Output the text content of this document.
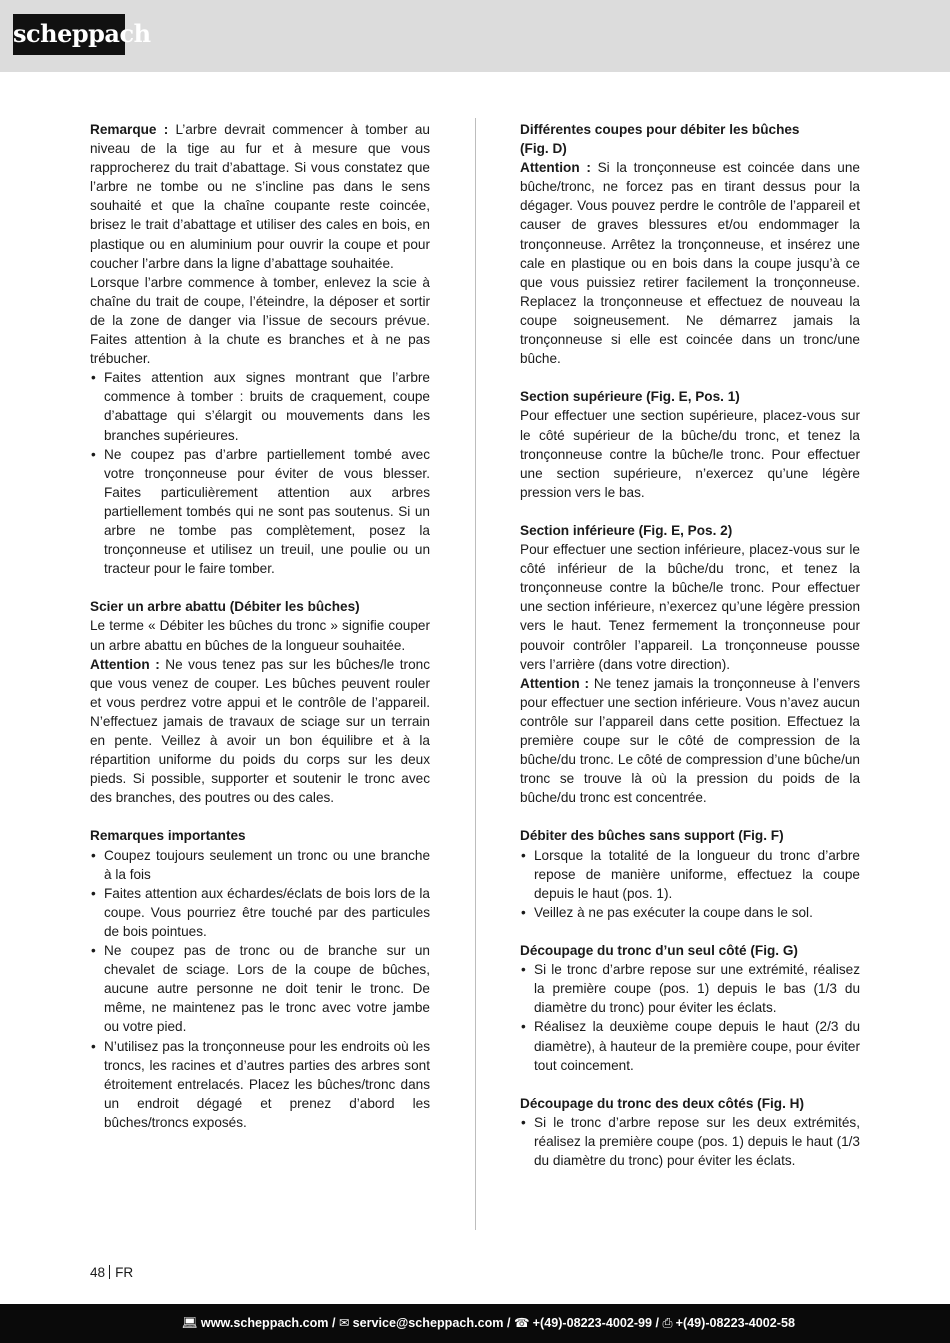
scheppach

Remarque : L’arbre devrait commencer à tomber au niveau de la tige au fur et à mesure que vous rapprocherez du trait d’abattage. Si vous constatez que l’arbre ne tombe ou ne s’incline pas dans le sens souhaité et que la chaîne coupante reste coincée, brisez le trait d’abattage et utiliser des cales en bois, en plastique ou en aluminium pour ouvrir la coupe et pour coucher l’arbre dans la ligne d’abattage souhaitée.

Lorsque l’arbre commence à tomber, enlevez la scie à chaîne du trait de coupe, l’éteindre, la déposer et sortir de la zone de danger via l’issue de secours prévue. Faites attention à la chute es branches et à ne pas trébucher.

• Faites attention aux signes montrant que l’arbre commence à tomber : bruits de craquement, coupe d’abattage qui s’élargit ou mouvements dans les branches supérieures.
• Ne coupez pas d’arbre partiellement tombé avec votre tronçonneuse pour éviter de vous blesser. Faites particulièrement attention aux arbres partiellement tombés qui ne sont pas soutenus. Si un arbre ne tombe pas complètement, posez la tronçonneuse et utilisez un treuil, une poulie ou un tracteur pour le faire tomber.

Scier un arbre abattu (Débiter les bûches)

Le terme « Débiter les bûches du tronc » signifie couper un arbre abattu en bûches de la longueur souhaitée.

Attention : Ne vous tenez pas sur les bûches/le tronc que vous venez de couper. Les bûches peuvent rouler et vous perdrez votre appui et le contrôle de l’appareil. N’effectuez jamais de travaux de sciage sur un terrain en pente. Veillez à avoir un bon équilibre et à la répartition uniforme du poids du corps sur les deux pieds. Si possible, supporter et soutenir le tronc avec des branches, des poutres ou des cales.

Remarques importantes

• Coupez toujours seulement un tronc ou une branche à la fois
• Faites attention aux échardes/éclats de bois lors de la coupe. Vous pourriez être touché par des particules de bois pointues.
• Ne coupez pas de tronc ou de branche sur un chevalet de sciage. Lors de la coupe de bûches, aucune autre personne ne doit tenir le tronc. De même, ne maintenez pas le tronc avec votre jambe ou votre pied.
• N’utilisez pas la tronçonneuse pour les endroits où les troncs, les racines et d’autres parties des arbres sont étroitement entrelacés. Placez les bûches/tronc dans un endroit dégagé et prenez d’abord les bûches/troncs exposés.

Différentes coupes pour débiter les bûches

(Fig. D)

Attention : Si la tronçonneuse est coincée dans une bûche/tronc, ne forcez pas en tirant dessus pour la dégager. Vous pouvez perdre le contrôle de l’appareil et causer de graves blessures et/ou endommager la tronçonneuse. Arrêtez la tronçonneuse, et insérez une cale en plastique ou en bois dans la coupe jusqu’à ce que vous puissiez retirer facilement la tronçonneuse. Replacez la tronçonneuse et effectuez de nouveau la coupe soigneusement. Ne démarrez jamais la tronçonneuse si elle est coincée dans un tronc/une bûche.

Section supérieure (Fig. E, Pos. 1)

Pour effectuer une section supérieure, placez-vous sur le côté supérieur de la bûche/du tronc, et tenez la tronçonneuse contre la bûche/le tronc. Pour effectuer une section supérieure, n’exercez qu’une légère pression vers le bas.

Section inférieure (Fig. E, Pos. 2)

Pour effectuer une section inférieure, placez-vous sur le côté inférieur de la bûche/du tronc, et tenez la tronçonneuse contre la bûche/le tronc. Pour effectuer une section inférieure, n’exercez qu’une légère pression vers le haut. Tenez fermement la tronçonneuse pour pouvoir contrôler l’appareil. La tronçonneuse pousse vers l’arrière (dans votre direction).

Attention : Ne tenez jamais la tronçonneuse à l’envers pour effectuer une section inférieure. Vous n’avez aucun contrôle sur l’appareil dans cette position. Effectuez la première coupe sur le côté de compression de la bûche/du tronc. Le côté de compression d’une bûche/un tronc se trouve là où la pression du poids de la bûche/du tronc est concentrée.

Débiter des bûches sans support (Fig. F)

• Lorsque la totalité de la longueur du tronc d’arbre repose de manière uniforme, effectuez la coupe depuis le haut (pos. 1).
• Veillez à ne pas exécuter la coupe dans le sol.

Découpage du tronc d’un seul côté (Fig. G)

• Si le tronc d’arbre repose sur une extrémité, réalisez la première coupe (pos. 1) depuis le bas (1/3 du diamètre du tronc) pour éviter les éclats.
• Réalisez la deuxième coupe depuis le haut (2/3 du diamètre), à hauteur de la première coupe, pour éviter tout coincement.

Découpage du tronc des deux côtés (Fig. H)

• Si le tronc d’arbre repose sur les deux extrémités, réalisez la première coupe (pos. 1) depuis le haut (1/3 du diamètre du tronc) pour éviter les éclats.
48 FR
💻︎ www.scheppach.com / ✉︎ service@scheppach.com / ☎︎ +(49)-08223-4002-99 / ⎙ +(49)-08223-4002-58
